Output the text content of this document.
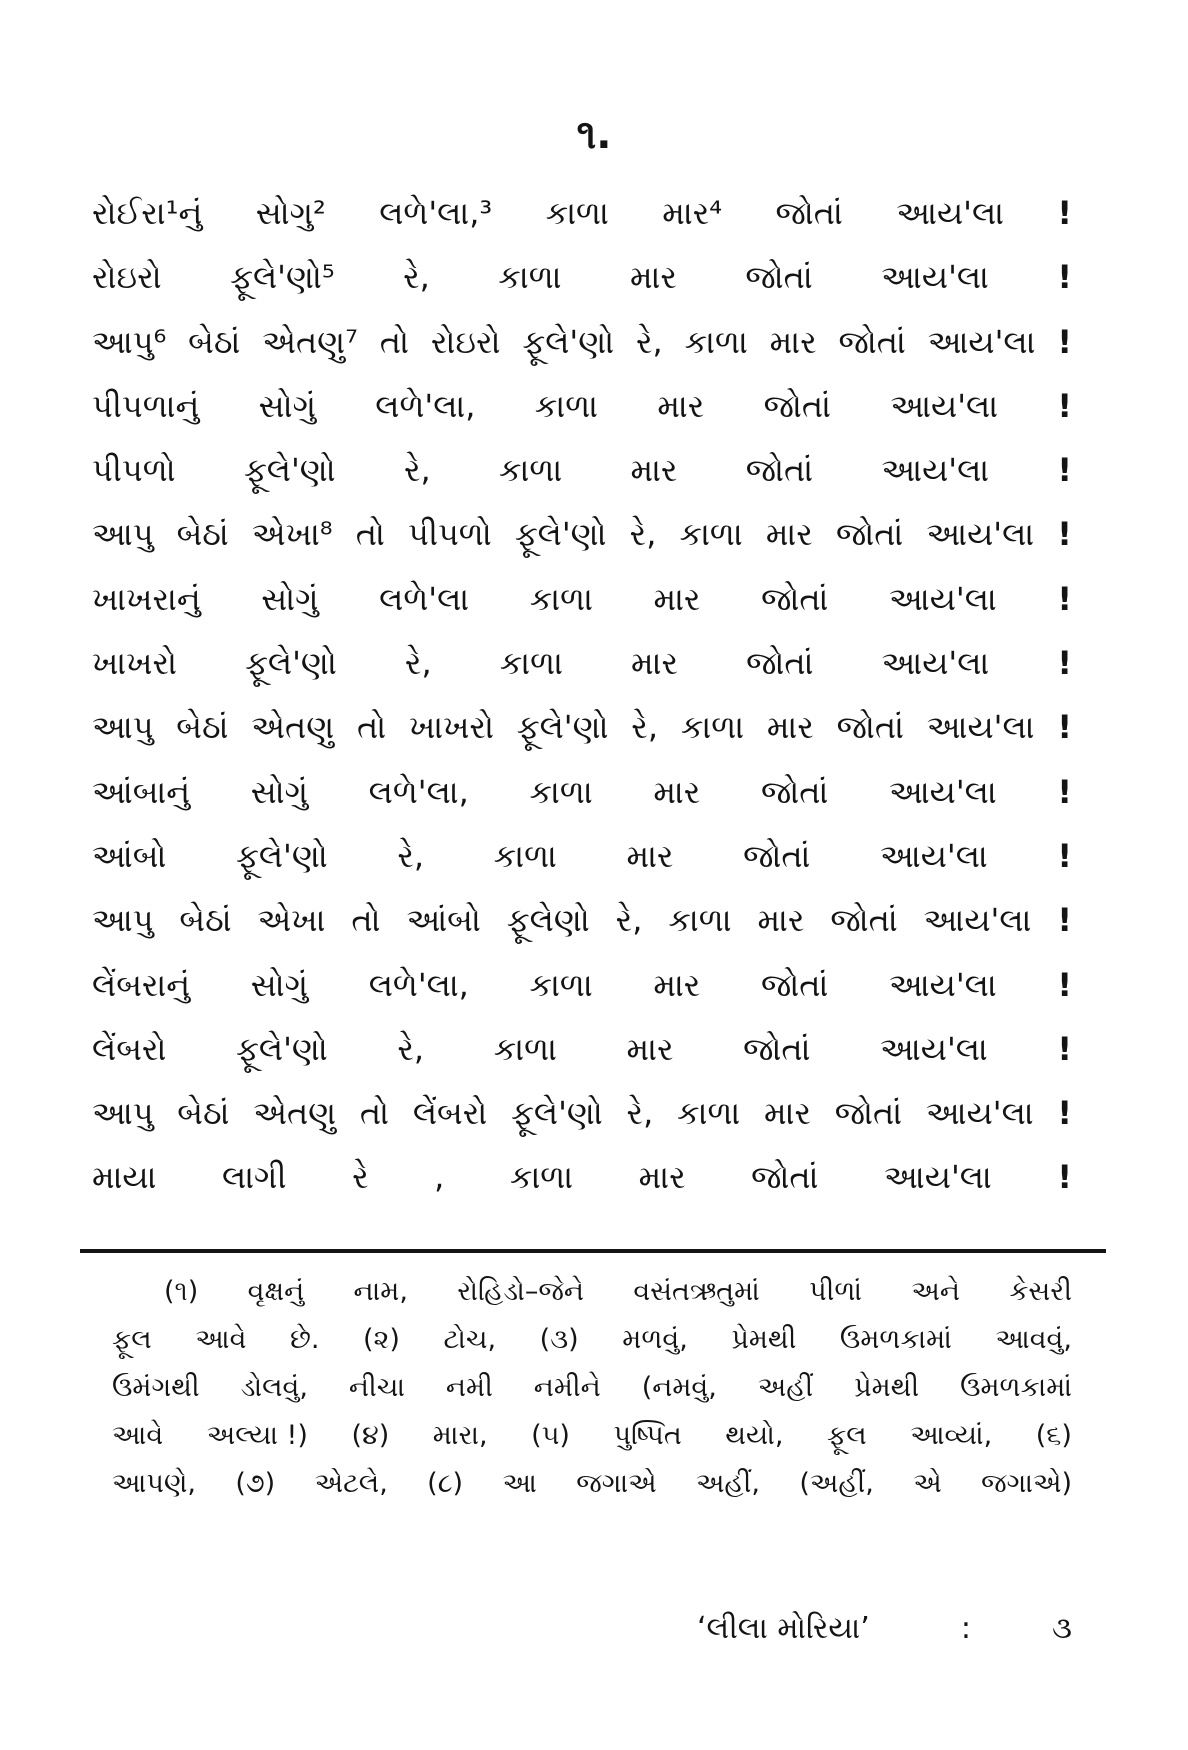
૧.
રોઈરા¹નું સોગુ² લળે'લા,³ કાળા માર⁴ જોતાં આય'લા !
રોઇરો ફૂલે'ણો⁵ રે, કાળા માર જોતાં આય'લા !
આપુ⁶ બેઠાં એતણુ⁷ તો રોઇરો ફૂલે'ણો રે, કાળા માર જોતાં આય'લા !
પીપળાનું સોગું લળે'લા, કાળા માર જોતાં આય'લા !
પીપળો ફૂલે'ણો રે, કાળા માર જોતાં આય'લા !
આપુ બેઠાં એખા⁸ તો પીપળો ફૂલે'ણો રે, કાળા માર જોતાં આય'લા !
ખાખરાનું સોગું લળે'લા કાળા માર જોતાં આય'લા !
ખાખરો ફૂલે'ણો રે, કાળા માર જોતાં આય'લા !
આપુ બેઠાં એતણુ તો ખાખરો ફૂલે'ણો રે, કાળા માર જોતાં આય'લા !
આંબાનું સોગું લળે'લા, કાળા માર જોતાં આય'લા !
આંબો ફૂલે'ણો રે, કાળા માર જોતાં આય'લા !
આપુ બેઠાં એખા તો આંબો ફૂલેણો રે, કાળા માર જોતાં આય'લા !
લેંબરાનું સોગું લળે'લા, કાળા માર જોતાં આય'લા !
લેંબરો ફૂલે'ણો રે, કાળા માર જોતાં આય'લા !
આપુ બેઠાં એતણુ તો લેંબરો ફૂલે'ણો રે, કાળા માર જોતાં આય'લા !
માયા લાગી રે , કાળા માર જોતાં આય'લા !
(૧) વૃક્ષનું નામ, રોહિડો–જેને વસંતઋતુમાં પીળાં અને કેસરી
ફૂલ આવે છે. (૨) ટોચ, (૩) મળવું, પ્રેમથી ઉમળકામાં આવવું,
ઉમંગથી ડોલવું, નીચા નમી નમીને (નમવું, અહીં પ્રેમથી ઉમળકામાં
આવે અલ્યા !) (૪) મારા, (૫) પુષ્પિત થયો, ફૂલ આવ્યાં, (૬)
આપણે, (૭) એટલે, (૮) આ જગાએ અહીં, (અહીં, એ જગાએ)
‘લીલા મોરિયા’	:	૩
